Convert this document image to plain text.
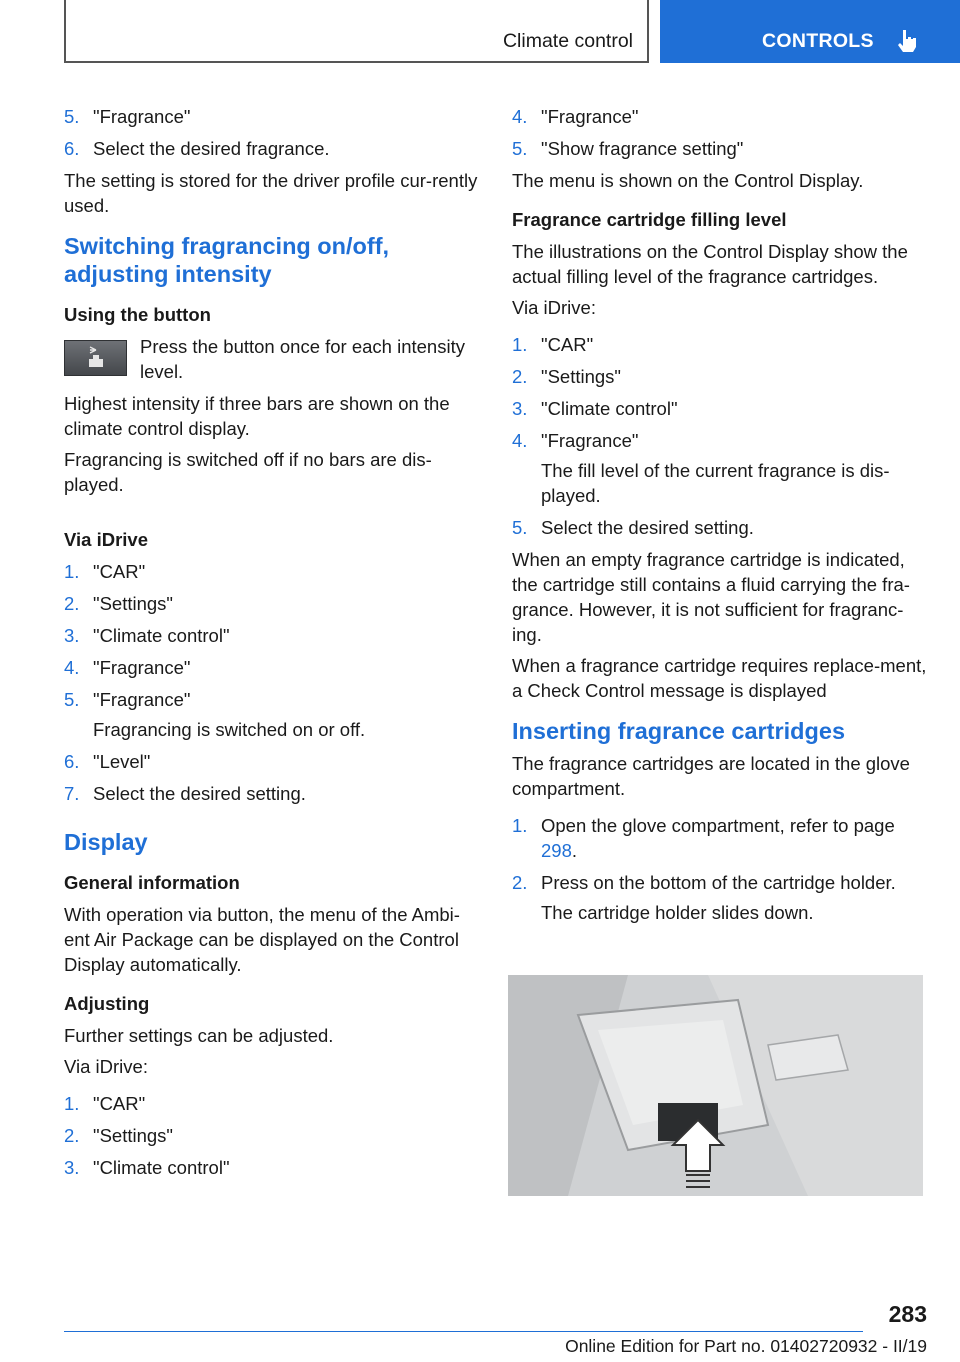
Climate control	CONTROLS
5. "Fragrance"
6. Select the desired fragrance.

The setting is stored for the driver profile cur-rently used.

Switching fragrancing on/off, adjusting intensity
Using the button
Press the button once for each intensity level.

Highest intensity if three bars are shown on the climate control display.

Fragrancing is switched off if no bars are dis-played.

Via iDrive
1. "CAR"
2. "Settings"
3. "Climate control"
4. "Fragrance"
5. "Fragrance"
Fragrancing is switched on or off.
6. "Level"
7. Select the desired setting.
Display
General information

With operation via button, the menu of the Ambi-ent Air Package can be displayed on the Control Display automatically.

Adjusting

Further settings can be adjusted.

Via iDrive:

1. "CAR"
2. "Settings"
3. "Climate control"
4. "Fragrance"
5. "Show fragrance setting"

The menu is shown on the Control Display.

Fragrance cartridge filling level

The illustrations on the Control Display show the actual filling level of the fragrance cartridges.

Via iDrive:

1. "CAR"
2. "Settings"
3. "Climate control"
4. "Fragrance"
The fill level of the current fragrance is dis-played.
5. Select the desired setting.

When an empty fragrance cartridge is indicated, the cartridge still contains a fluid carrying the fra-grance. However, it is not sufficient for fragranc-ing.

When a fragrance cartridge requires replace-ment, a Check Control message is displayed

Inserting fragrance cartridges

The fragrance cartridges are located in the glove compartment.

1. Open the glove compartment, refer to page 298.
2. Press on the bottom of the cartridge holder.
The cartridge holder slides down.
283
Online Edition for Part no. 01402720932 - II/19
